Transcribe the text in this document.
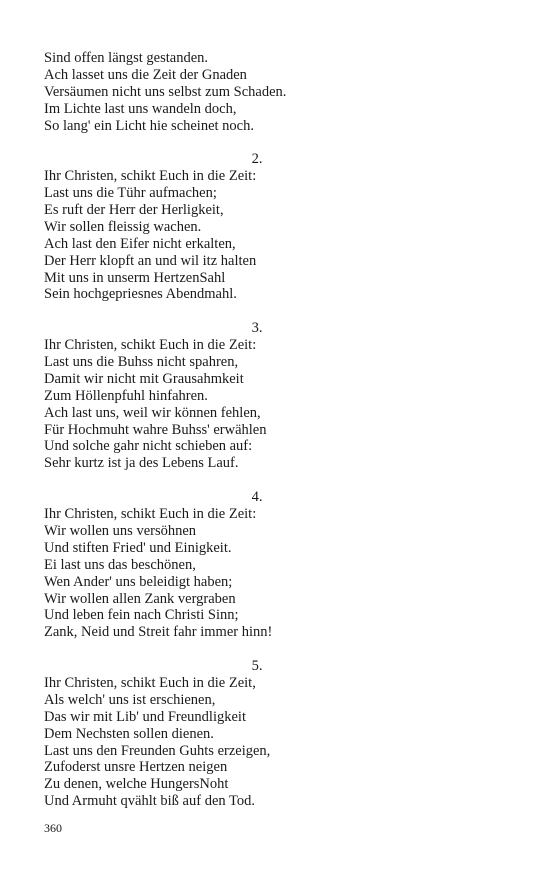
Sind offen längst gestanden.
Ach lasset uns die Zeit der Gnaden
Versäumen nicht uns selbst zum Schaden.
Im Lichte last uns wandeln doch,
So lang' ein Licht hie scheinet noch.
2.
Ihr Christen, schikt Euch in die Zeit:
Last uns die Tühr aufmachen;
Es ruft der Herr der Herligkeit,
Wir sollen fleissig wachen.
Ach last den Eifer nicht erkalten,
Der Herr klopft an und wil itz halten
Mit uns in unserm HertzenSahl
Sein hochgepriesnes Abendmahl.
3.
Ihr Christen, schikt Euch in die Zeit:
Last uns die Buhss nicht spahren,
Damit wir nicht mit Grausahmkeit
Zum Höllenpfuhl hinfahren.
Ach last uns, weil wir können fehlen,
Für Hochmuht wahre Buhss' erwählen
Und solche gahr nicht schieben auf:
Sehr kurtz ist ja des Lebens Lauf.
4.
Ihr Christen, schikt Euch in die Zeit:
Wir wollen uns versöhnen
Und stiften Fried' und Einigkeit.
Ei last uns das beschönen,
Wen Ander' uns beleidigt haben;
Wir wollen allen Zank vergraben
Und leben fein nach Christi Sinn;
Zank, Neid und Streit fahr immer hinn!
5.
Ihr Christen, schikt Euch in die Zeit,
Als welch' uns ist erschienen,
Das wir mit Lib' und Freundligkeit
Dem Nechsten sollen dienen.
Last uns den Freunden Guhts erzeigen,
Zufoderst unsre Hertzen neigen
Zu denen, welche HungersNoht
Und Armuht qvählt biß auf den Tod.
360
